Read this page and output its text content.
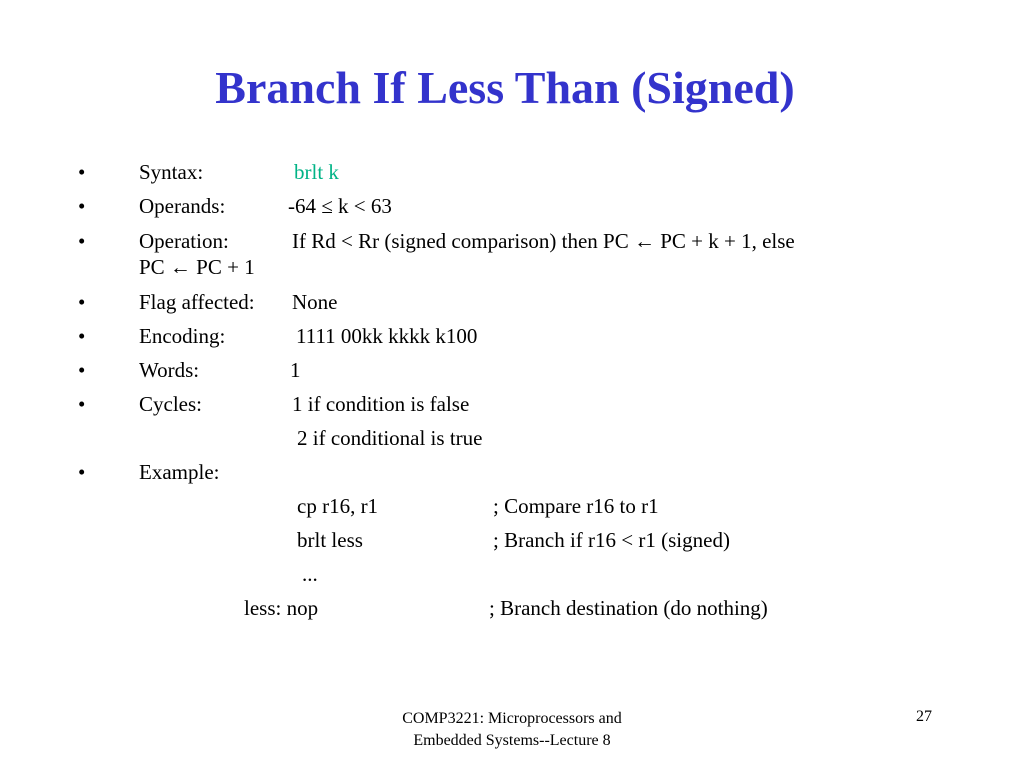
Branch If Less Than (Signed)
•	Syntax:	brlt k
•	Operands:	-64 ≤ k < 63
•	Operation:	If Rd < Rr (signed comparison) then PC ← PC + k + 1, else
PC ← PC + 1
•	Flag affected: None
•	Encoding:	1111 00kk kkkk k100
•	Words:	1
•	Cycles:	1 if condition is false
2 if conditional is true
•	Example:
cp r16, r1	; Compare r16 to r1
brlt less	; Branch if r16 < r1 (signed)
...
less: nop	; Branch destination (do nothing)
COMP3221: Microprocessors and
Embedded Systems--Lecture 8
27
